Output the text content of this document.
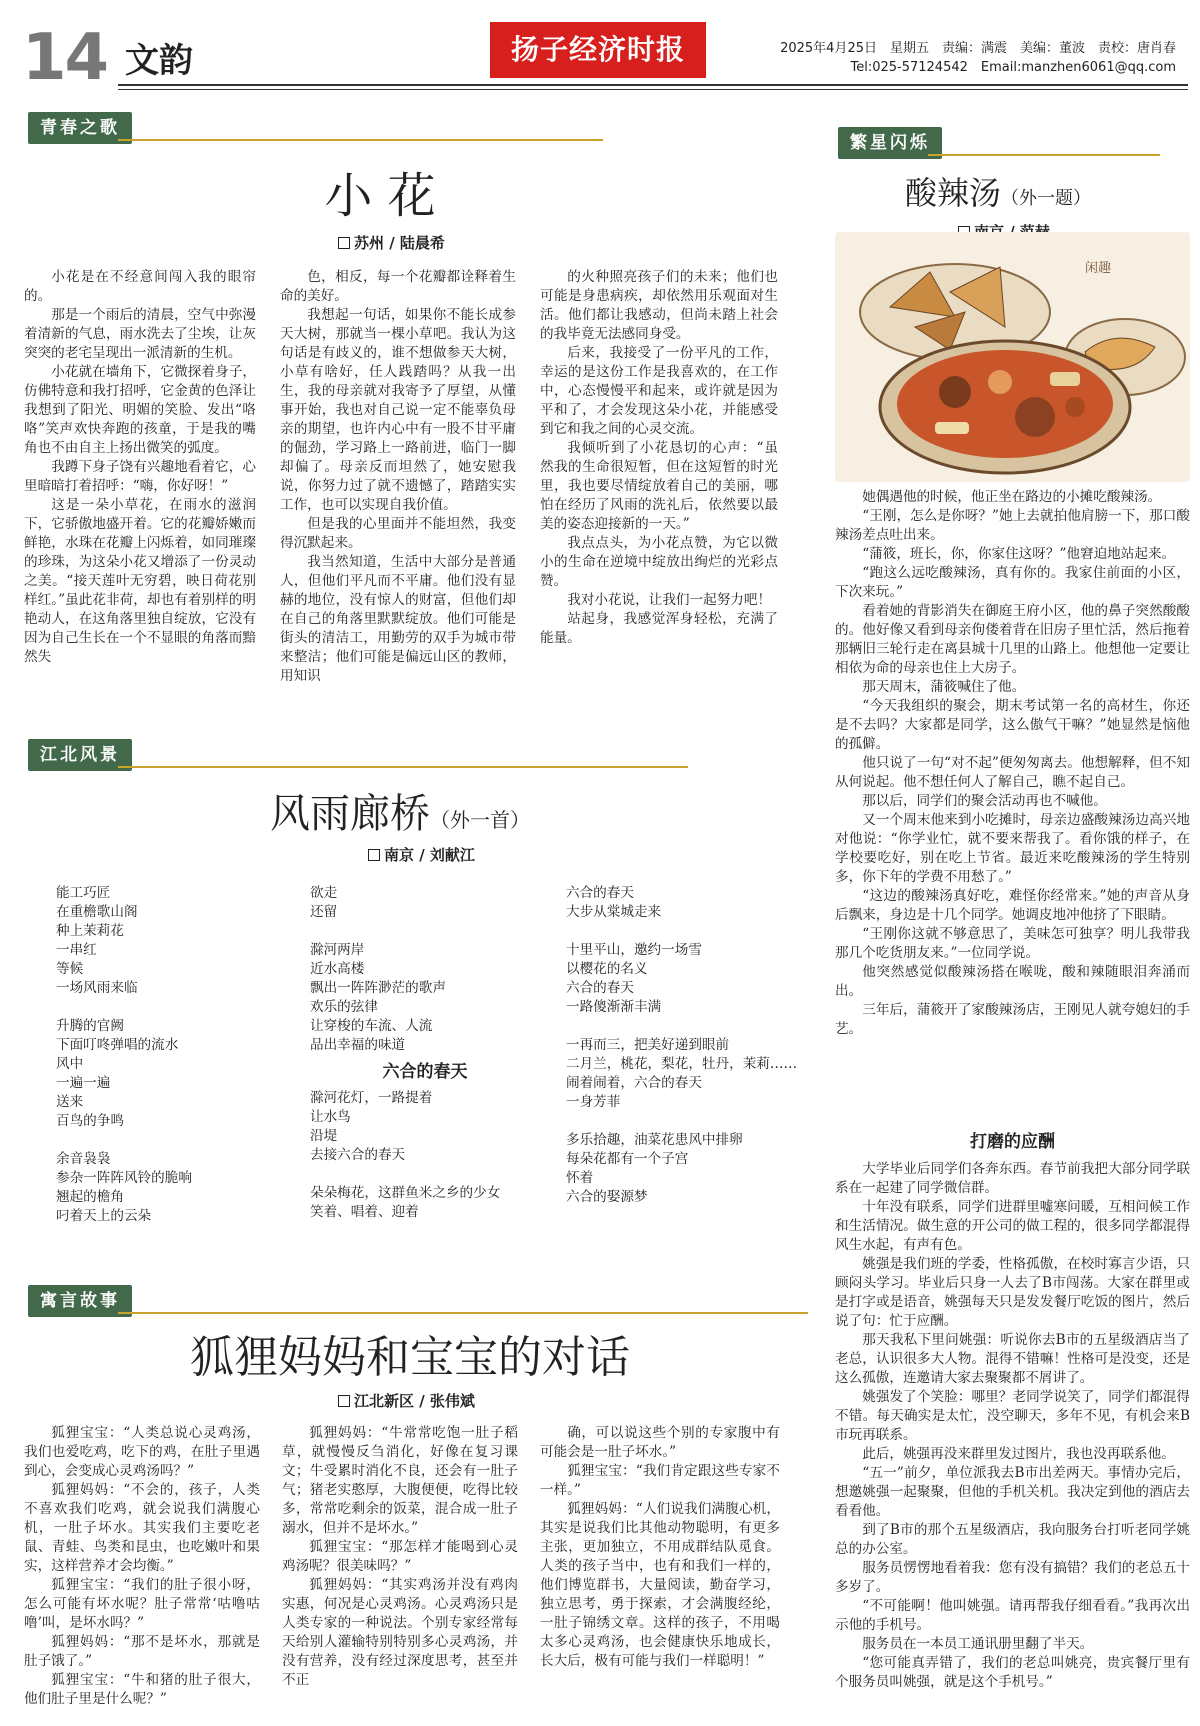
14 文韵	扬子经济时报	2025年4月25日　星期五　责编：满震　美编：董波　责校：唐肖春
Tel:025-57124542　Email:manzhen6061@qq.com
青春之歌
小 花
苏州 / 陆晨希

小花是在不经意间闯入我的眼帘的。

那是一个雨后的清晨，空气中弥漫着清新的气息，雨水洗去了尘埃，让灰突突的老宅呈现出一派清新的生机。

小花就在墙角下，它微探着身子，仿佛特意和我打招呼，它金黄的色泽让我想到了阳光、明媚的笑脸、发出“咯咯”笑声欢快奔跑的孩童，于是我的嘴角也不由自主上扬出微笑的弧度。

我蹲下身子饶有兴趣地看着它，心里暗暗打着招呼：“嗨，你好呀！”

这是一朵小草花，在雨水的滋润下，它骄傲地盛开着。它的花瓣娇嫩而鲜艳，水珠在花瓣上闪烁着，如同璀璨的珍珠，为这朵小花又增添了一份灵动之美。“接天莲叶无穷碧，映日荷花别样红。”虽此花非荷，却也有着别样的明艳动人，在这角落里独自绽放，它没有因为自己生长在一个不显眼的角落而黯然失

色，相反，每一个花瓣都诠释着生命的美好。

我想起一句话，如果你不能长成参天大树，那就当一棵小草吧。我认为这句话是有歧义的，谁不想做参天大树，小草有啥好，任人践踏吗？从我一出生，我的母亲就对我寄予了厚望，从懂事开始，我也对自己说一定不能辜负母亲的期望，也许内心中有一股不甘平庸的倔劲，学习路上一路前进，临门一脚却偏了。母亲反而坦然了，她安慰我说，你努力过了就不遗憾了，踏踏实实工作，也可以实现自我价值。

但是我的心里面并不能坦然，我变得沉默起来。

我当然知道，生活中大部分是普通人，但他们平凡而不平庸。他们没有显赫的地位，没有惊人的财富，但他们却在自己的角落里默默绽放。他们可能是街头的清洁工，用勤劳的双手为城市带来整洁；他们可能是偏远山区的教师，用知识

的火种照亮孩子们的未来；他们也可能是身患病疾，却依然用乐观面对生活。他们都让我感动，但尚未踏上社会的我毕竟无法感同身受。

后来，我接受了一份平凡的工作，幸运的是这份工作是我喜欢的，在工作中，心态慢慢平和起来，或许就是因为平和了，才会发现这朵小花，并能感受到它和我之间的心灵交流。

我倾听到了小花恳切的心声：“虽然我的生命很短暂，但在这短暂的时光里，我也要尽情绽放着自己的美丽，哪怕在经历了风雨的洗礼后，依然要以最美的姿态迎接新的一天。”

我点点头，为小花点赞，为它以微小的生命在逆境中绽放出绚烂的光彩点赞。

我对小花说，让我们一起努力吧！

站起身，我感觉浑身轻松，充满了能量。

江北风景
风雨廊桥（外一首）
南京 / 刘献江

能工巧匠

在重檐歌山阁

种上茉莉花

一串红

等候

一场风雨来临

升腾的官阙

下面叮咚弹唱的流水

风中

一遍一遍

送来

百鸟的争鸣

余音袅袅

参杂一阵阵风铃的脆响

翘起的檐角

叼着天上的云朵

欲走

还留

滁河两岸

近水高楼

飘出一阵阵渺茫的歌声

欢乐的弦律

让穿梭的车流、人流

品出幸福的味道

六合的春天

滁河花灯，一路提着

让水鸟

沿堤

去接六合的春天

朵朵梅花，这群鱼米之乡的少女

笑着、唱着、迎着

六合的春天

大步从棠城走来

十里平山，邀约一场雪

以樱花的名义

六合的春天

一路傻渐渐丰满

一再而三，把美好递到眼前

二月兰，桃花，梨花，牡丹，茉莉……

闹着闹着，六合的春天

一身芳菲

多乐拾趣，油菜花患风中排卵

每朵花都有一个子宫

怀着

六合的娶源梦

寓言故事
狐狸妈妈和宝宝的对话
江北新区 / 张伟斌

狐狸宝宝：“人类总说心灵鸡汤，我们也爱吃鸡，吃下的鸡，在肚子里遇到心，会变成心灵鸡汤吗？”

狐狸妈妈：“不会的，孩子，人类不喜欢我们吃鸡，就会说我们满腹心机，一肚子坏水。其实我们主要吃老鼠、青蛙、鸟类和昆虫，也吃嫩叶和果实，这样营养才会均衡。”

狐狸宝宝：“我们的肚子很小呀，怎么可能有坏水呢？肚子常常‘咕噜咕噜’叫，是坏水吗？”

狐狸妈妈：“那不是坏水，那就是肚子饿了。”

狐狸宝宝：“牛和猪的肚子很大，他们肚子里是什么呢？”

狐狸妈妈：“牛常常吃饱一肚子稻草，就慢慢反刍消化，好像在复习课文；牛受累时消化不良，还会有一肚子气；猪老实憨厚，大腹便便，吃得比较多，常常吃剩余的饭菜，混合成一肚子溺水，但并不是坏水。”

狐狸宝宝：“那怎样才能喝到心灵鸡汤呢？很美味吗？”

狐狸妈妈：“其实鸡汤并没有鸡肉实惠，何况是心灵鸡汤。心灵鸡汤只是人类专家的一种说法。个别专家经常每天给别人灌输特别特别多心灵鸡汤，并没有营养，没有经过深度思考，甚至并不正

确，可以说这些个别的专家腹中有可能会是一肚子坏水。”

狐狸宝宝：“我们肯定跟这些专家不一样。”

狐狸妈妈：“人们说我们满腹心机，其实是说我们比其他动物聪明，有更多主张，更加独立，不用成群结队觅食。人类的孩子当中，也有和我们一样的，他们博览群书，大量阅读，勤奋学习，独立思考，勇于探索，才会满腹经纶，一肚子锦绣文章。这样的孩子，不用喝太多心灵鸡汤，也会健康快乐地成长，长大后，极有可能与我们一样聪明！”

繁星闪烁
酸辣汤（外一题）
闲趣

她偶遇他的时候，他正坐在路边的小摊吃酸辣汤。

“王刚，怎么是你呀？”她上去就拍他肩膀一下，那口酸辣汤差点吐出来。

“蒲筱，班长，你，你家住这呀？”他窘迫地站起来。

“跑这么远吃酸辣汤，真有你的。我家住前面的小区，下次来玩。”

看着她的背影消失在御庭王府小区，他的鼻子突然酸酸的。他好像又看到母亲佝偻着背在旧房子里忙活，然后拖着那辆旧三轮行走在离县城十几里的山路上。他想他一定要让相依为命的母亲也住上大房子。

那天周末，蒲筱喊住了他。

“今天我组织的聚会，期末考试第一名的高材生，你还是不去吗？大家都是同学，这么傲气干嘛？”她显然是恼他的孤僻。

他只说了一句“对不起”便匆匆离去。他想解释，但不知从何说起。他不想任何人了解自己，瞧不起自己。

那以后，同学们的聚会活动再也不喊他。

又一个周末他来到小吃摊时，母亲边盛酸辣汤边高兴地对他说：“你学业忙，就不要来帮我了。看你饿的样子，在学校要吃好，别在吃上节省。最近来吃酸辣汤的学生特别多，你下年的学费不用愁了。”

“这边的酸辣汤真好吃，难怪你经常来。”她的声音从身后飘来，身边是十几个同学。她调皮地冲他挤了下眼睛。

“王刚你这就不够意思了，美味怎可独享？明儿我带我那几个吃货朋友来。”一位同学说。

他突然感觉似酸辣汤搭在喉咙，酸和辣随眼泪奔涌而出。

三年后，蒲筱开了家酸辣汤店，王刚见人就夸媳妇的手艺。

打磨的应酬

大学毕业后同学们各奔东西。春节前我把大部分同学联系在一起建了同学微信群。

十年没有联系，同学们进群里嘘寒问暖，互相问候工作和生活情况。做生意的开公司的做工程的，很多同学都混得风生水起，有声有色。

姚强是我们班的学委，性格孤傲，在校时寡言少语，只顾闷头学习。毕业后只身一人去了B市闯荡。大家在群里或是打字或是语音，姚强每天只是发发餐厅吃饭的图片，然后说了句：忙于应酬。

那天我私下里问姚强：听说你去B市的五星级酒店当了老总，认识很多大人物。混得不错嘛！性格可是没变，还是这么孤傲，连邀请大家去聚聚都不屑讲了。

姚强发了个笑脸：哪里？老同学说笑了，同学们都混得不错。每天确实是太忙，没空聊天，多年不见，有机会来B市玩再联系。

此后，姚强再没来群里发过图片，我也没再联系他。

“五一”前夕，单位派我去B市出差两天。事情办完后，想邀姚强一起聚聚，但他的手机关机。我决定到他的酒店去看看他。

到了B市的那个五星级酒店，我向服务台打听老同学姚总的办公室。

服务员愣愣地看着我：您有没有搞错？我们的老总五十多岁了。

“不可能啊！他叫姚强。请再帮我仔细看看。”我再次出示他的手机号。

服务员在一本员工通讯册里翻了半天。

“您可能真弄错了，我们的老总叫姚亮，贵宾餐厅里有个服务员叫姚强，就是这个手机号。”
